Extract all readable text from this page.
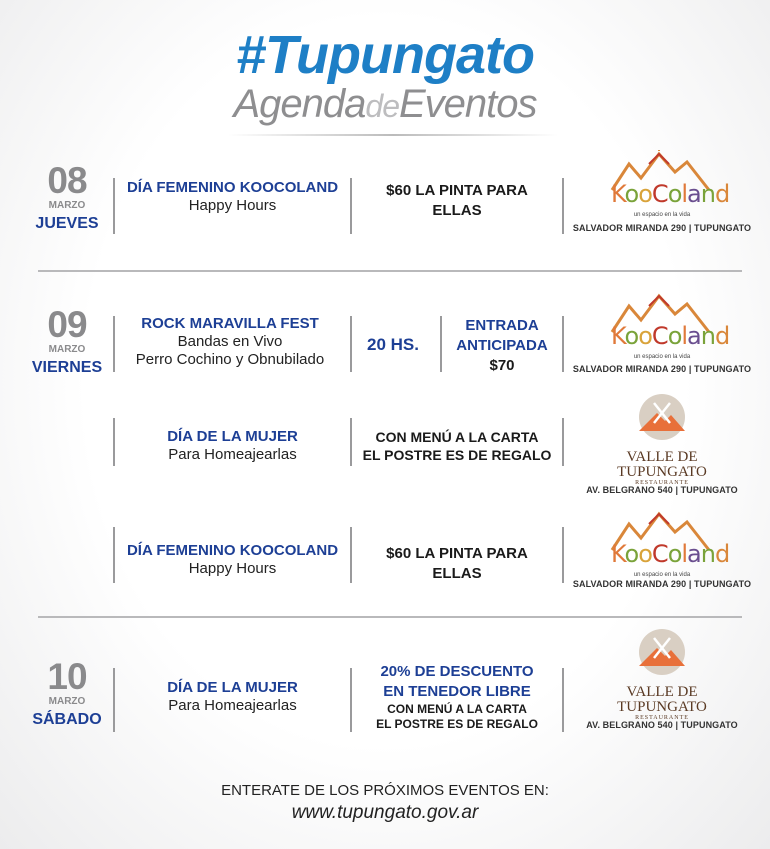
#Tupungato
AgendadeEventos
08
MARZO
JUEVES
DÍA FEMENINO KOOCOLAND
Happy Hours
$60 LA PINTA PARA
ELLAS
KooColand
un espacio en la vida
SALVADOR MIRANDA 290 | TUPUNGATO
09
MARZO
VIERNES
ROCK MARAVILLA FEST
Bandas en Vivo
Perro Cochino y Obnubilado
20 HS.
ENTRADA
ANTICIPADA
$70
KooColand
un espacio en la vida
SALVADOR MIRANDA 290 | TUPUNGATO
DÍA DE LA MUJER
Para Homeajearlas
CON MENÚ A LA CARTA
EL POSTRE ES DE REGALO	VALLE DE
TUPUNGATO
RESTAURANTE
AV. BELGRANO 540 | TUPUNGATO
DÍA FEMENINO KOOCOLAND
Happy Hours
$60 LA PINTA PARA
ELLAS
KooColand
un espacio en la vida
SALVADOR MIRANDA 290 | TUPUNGATO
10
MARZO
SÁBADO
DÍA DE LA MUJER
Para Homeajearlas
20% DE DESCUENTO
EN TENEDOR LIBRE
CON MENÚ A LA CARTA
EL POSTRE ES DE REGALO
VALLE DE
TUPUNGATO
RESTAURANTE
AV. BELGRANO 540 | TUPUNGATO
ENTERATE DE LOS PRÓXIMOS EVENTOS EN:
www.tupungato.gov.ar
